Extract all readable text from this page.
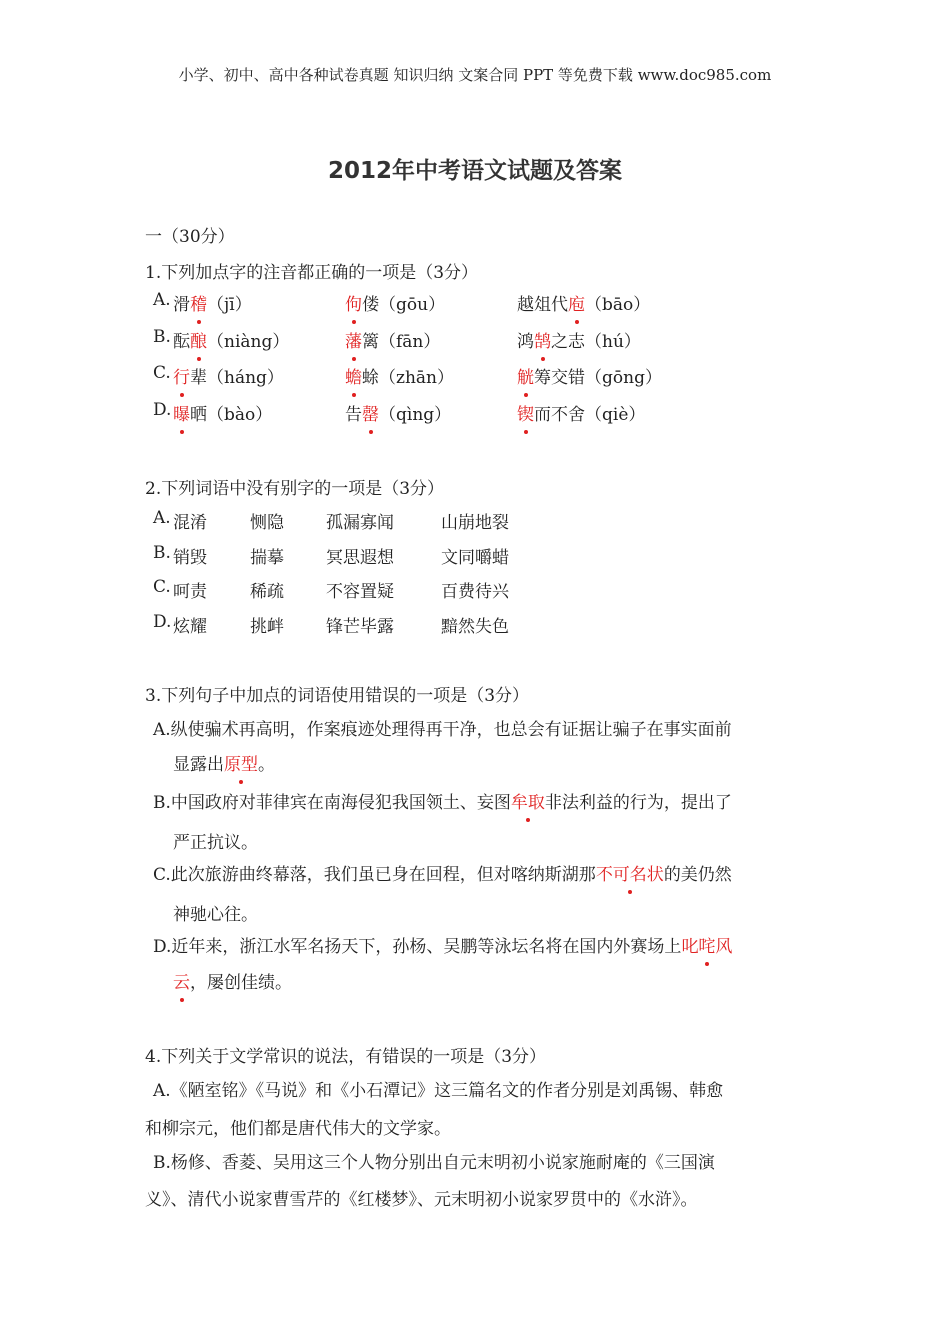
小学、初中、高中各种试卷真题 知识归纳 文案合同 PPT 等免费下载 www.doc985.com
2012年中考语文试题及答案
一（30分）
1.下列加点字的注音都正确的一项是（3分）
A. 滑稽（jī）	佝偻（gōu）	越俎代庖（bāo）
B. 酝酿（niàng）	藩篱（fān）	鸿鹄之志（hú）
C. 行辈（háng）	蟾蜍（zhān）	觥筹交错（gōng）
D. 曝晒（bào）	告罄（qìng）	锲而不舍（qiè）
2.下列词语中没有别字的一项是（3分）
A. 混淆	恻隐 孤漏寡闻	山崩地裂
B. 销毁	揣摹 冥思遐想	文同嚼蜡
C. 呵责	稀疏 不容置疑	百费待兴
D. 炫耀	挑衅 锋芒毕露	黯然失色
3.下列句子中加点的词语使用错误的一项是（3分）
A.纵使骗术再高明，作案痕迹处理得再干净，也总会有证据让骗子在事实面前
显露出原型。
B.中国政府对菲律宾在南海侵犯我国领土、妄图牟取非法利益的行为，提出了
严正抗议。
C.此次旅游曲终幕落，我们虽已身在回程，但对喀纳斯湖那不可名状的美仍然
神驰心往。
D.近年来，浙江水军名扬天下，孙杨、吴鹏等泳坛名将在国内外赛场上叱咤风
云，屡创佳绩。
4.下列关于文学常识的说法，有错误的一项是（3分）
A.《陋室铭》《马说》和《小石潭记》这三篇名文的作者分别是刘禹锡、韩愈
和柳宗元，他们都是唐代伟大的文学家。
B.杨修、香菱、吴用这三个人物分别出自元末明初小说家施耐庵的《三国演
义》、清代小说家曹雪芹的《红楼梦》、元末明初小说家罗贯中的《水浒》。
